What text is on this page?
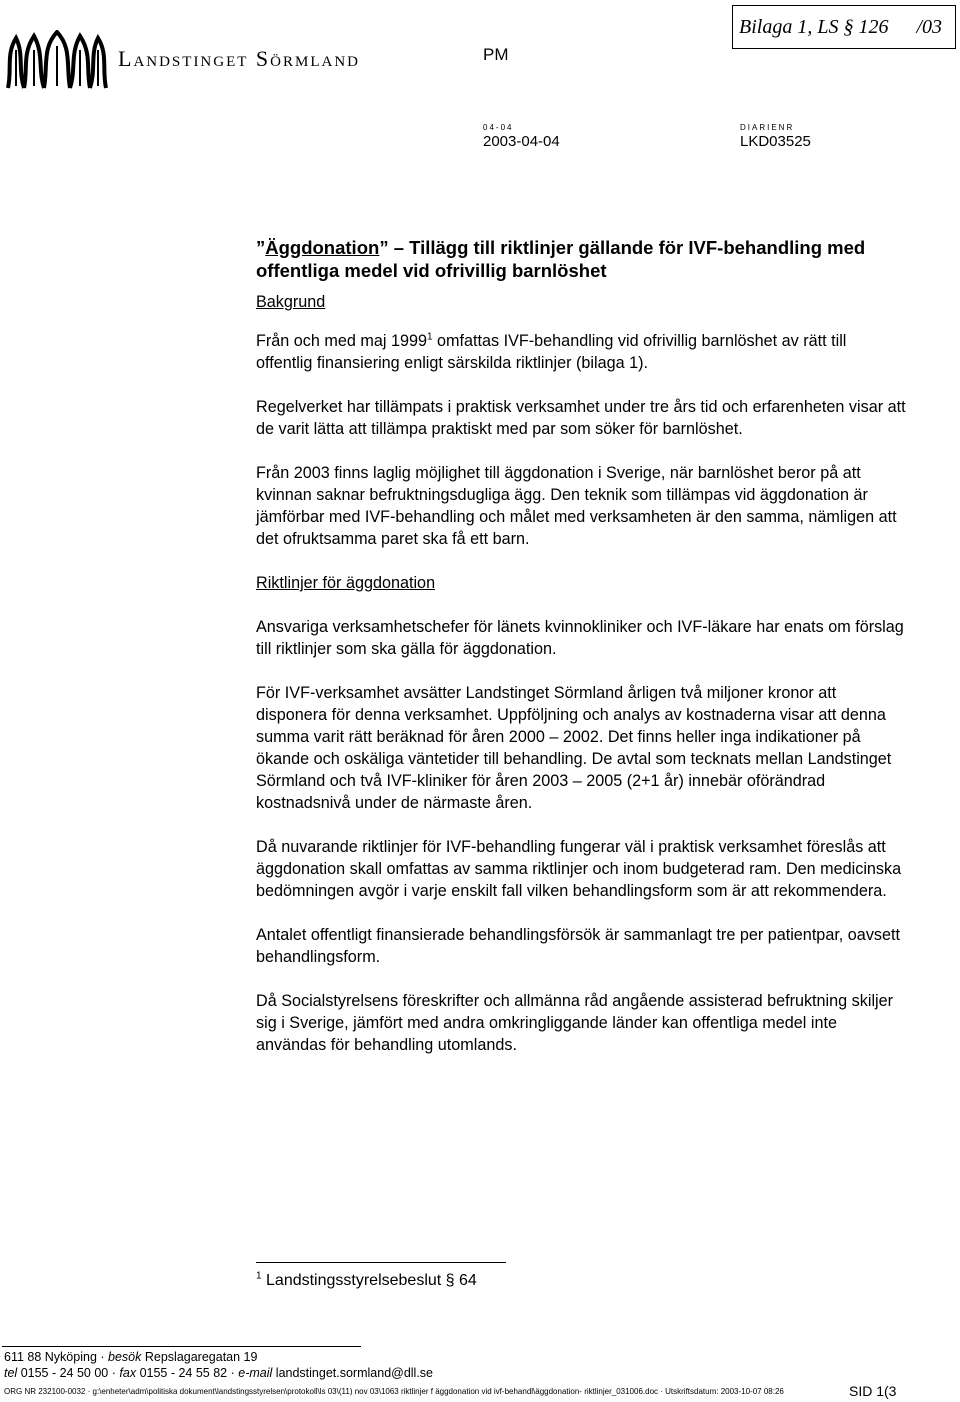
Landstinget Sörmland
Bilaga 1, LS § 126 /03
PM
04-04	DIARIENR
2003-04-04	LKD03525
”Äggdonation” – Tillägg till riktlinjer gällande för IVF-behandling med offentliga medel vid ofrivillig barnlöshet
Bakgrund

Från och med maj 1999$^1$ omfattas IVF-behandling vid ofrivillig barnlöshet av rätt till offentlig finansiering enligt särskilda riktlinjer (bilaga 1).

Regelverket har tillämpats i praktisk verksamhet under tre års tid och erfarenheten visar att de varit lätta att tillämpa praktiskt med par som söker för barnlöshet.

Från 2003 finns laglig möjlighet till äggdonation i Sverige, när barnlöshet beror på att kvinnan saknar befruktningsdugliga ägg. Den teknik som tillämpas vid äggdonation är jämförbar med IVF-behandling och målet med verksamheten är den samma, nämligen att det ofruktsamma paret ska få ett barn.

Riktlinjer för äggdonation

Ansvariga verksamhetschefer för länets kvinnokliniker och IVF-läkare har enats om förslag till riktlinjer som ska gälla för äggdonation.

För IVF-verksamhet avsätter Landstinget Sörmland årligen två miljoner kronor att disponera för denna verksamhet. Uppföljning och analys av kostnaderna visar att denna summa varit rätt beräknad för åren 2000 – 2002. Det finns heller inga indikationer på ökande och oskäliga väntetider till behandling. De avtal som tecknats mellan Landstinget Sörmland och två IVF-kliniker för åren 2003 – 2005 (2+1 år) innebär oförändrad kostnadsnivå under de närmaste åren.

Då nuvarande riktlinjer för IVF-behandling fungerar väl i praktisk verksamhet föreslås att äggdonation skall omfattas av samma riktlinjer och inom budgeterad ram. Den medicinska bedömningen avgör i varje enskilt fall vilken behandlingsform som är att rekommendera.

Antalet offentligt finansierade behandlingsförsök är sammanlagt tre per patientpar, oavsett behandlingsform.

Då Socialstyrelsens föreskrifter och allmänna råd angående assisterad befruktning skiljer sig i Sverige, jämfört med andra omkringliggande länder kan offentliga medel inte användas för behandling utomlands.

$^1$ Landstingsstyrelsebeslut § 64
611 88 Nyköping · besök Repslagaregatan 19
tel 0155 - 24 50 00 · fax 0155 - 24 55 82 · e-mail landstinget.sormland@dll.se
ORG NR 232100-0032 · g:\enheter\adm\politiska dokument\landstingsstyrelsen\protokoll\ls 03\(11) nov 03\1063 riktlinjer f äggdonation vid ivf-behandl\äggdonation- riktlinjer_031006.doc · Utskriftsdatum: 2003-10-07 08:26	SID 1(3
